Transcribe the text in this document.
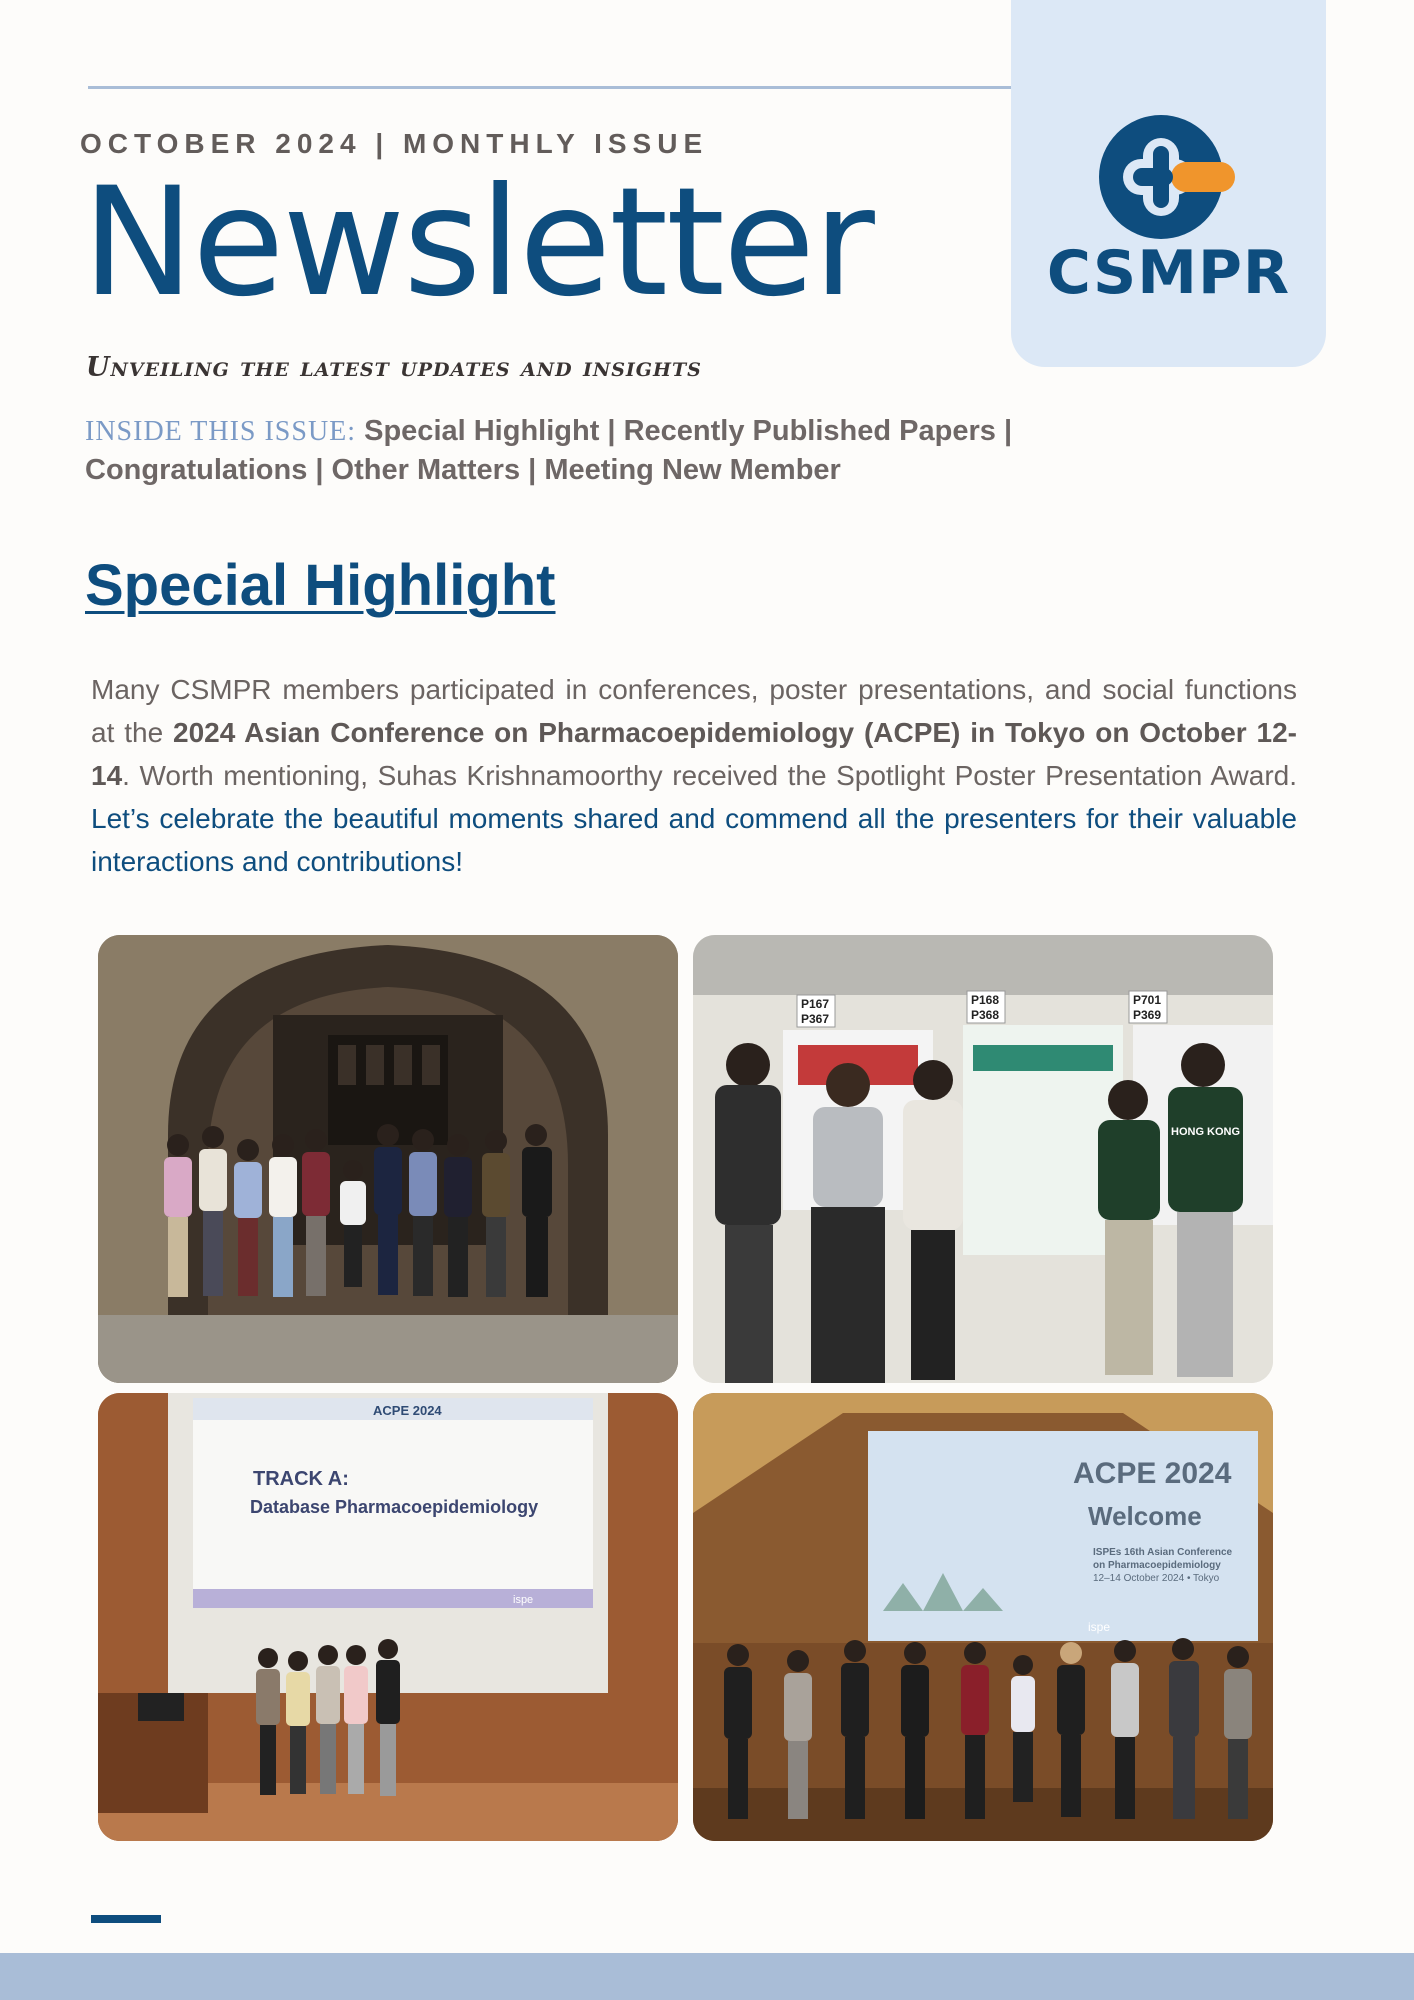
CSMPR
OCTOBER 2024 | MONTHLY ISSUE
Newsletter
Unveiling the latest updates and insights
INSIDE THIS ISSUE: Special Highlight | Recently Published Papers | Congratulations | Other Matters | Meeting New Member
Special Highlight
Many CSMPR members participated in conferences, poster presentations, and social functions at the 2024 Asian Conference on Pharmacoepidemiology (ACPE) in Tokyo on October 12-14. Worth mentioning, Suhas Krishnamoorthy received the Spotlight Poster Presentation Award. Let’s celebrate the beautiful moments shared and commend all the presenters for their valuable interactions and contributions!
P167
P367
P168
P368
P701
P369
HONG KONG
ACPE 2024
TRACK A:
Database Pharmacoepidemiology
ispe
ACPE 2024
Welcome
ISPEs 16th Asian Conference
on Pharmacoepidemiology
12–14 October 2024 • Tokyo
ispe
